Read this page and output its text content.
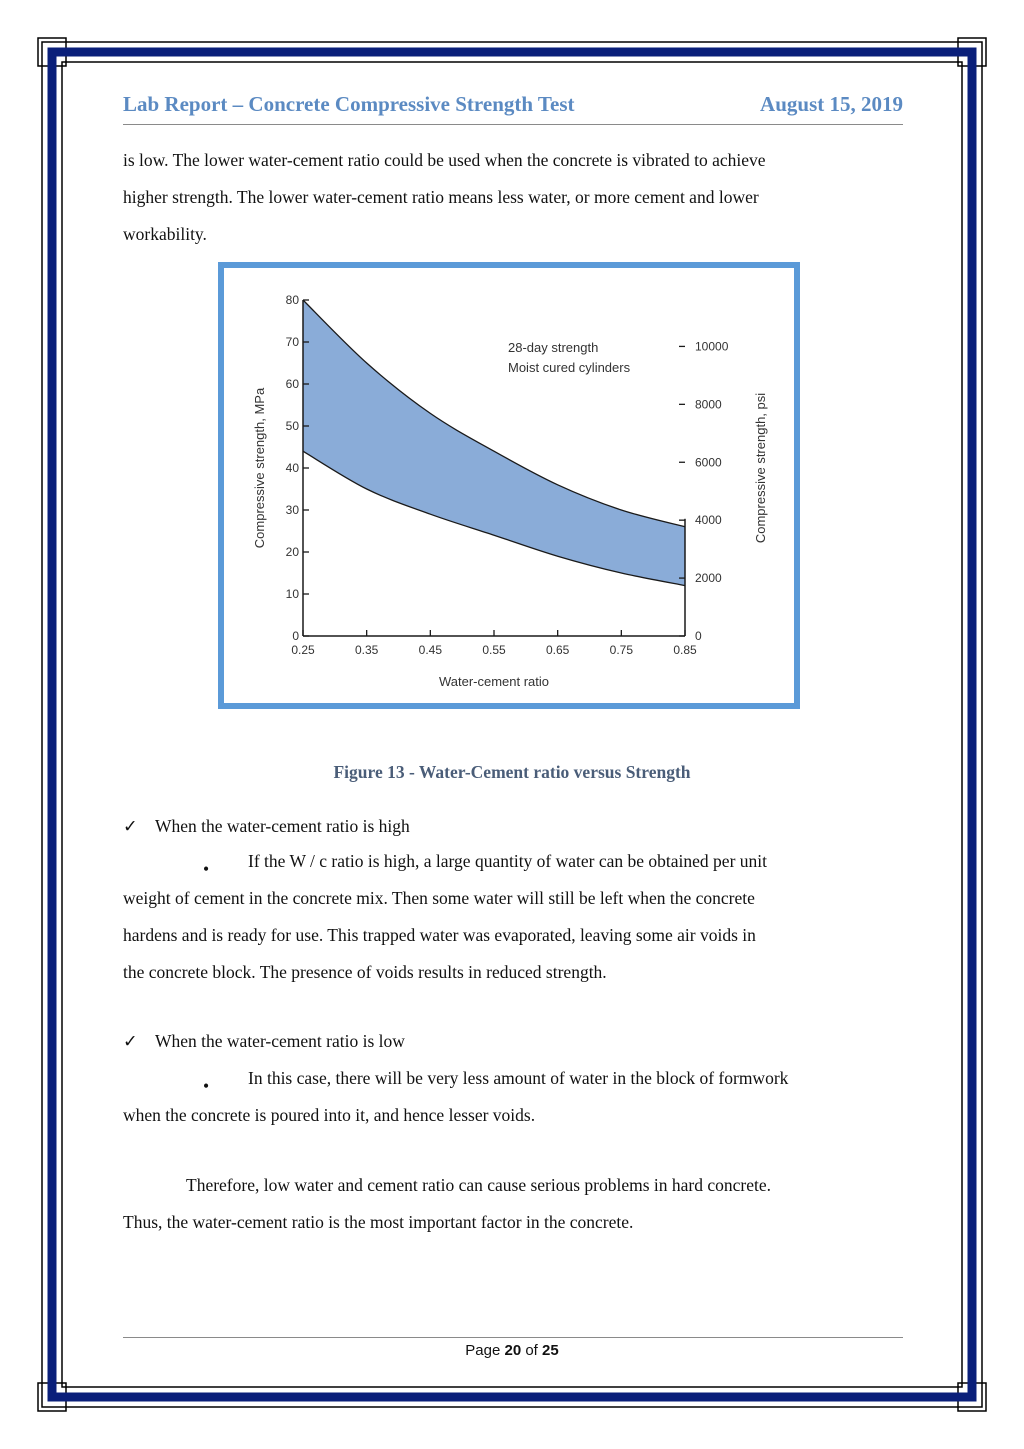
Lab Report – Concrete Compressive Strength Test	August 15, 2019

is low. The lower water-cement ratio could be used when the concrete is vibrated to achieve
higher strength. The lower water-cement ratio means less water, or more cement and lower
workability.

0
10
20
30
40
50
60
70
80
0
2000
4000
6000
8000
10000
0.25	0.35	0.45	0.55	0.65	0.75	0.85
Water-cement ratio
Compressive strength, MPa	Compressive strength, psi
28-day strength
Moist cured cylinders
Figure 13 - Water-Cement ratio versus Strength
✓ When the water-cement ratio is high

• If the W / c ratio is high, a large quantity of water can be obtained per unit
weight of cement in the concrete mix. Then some water will still be left when the concrete
hardens and is ready for use. This trapped water was evaporated, leaving some air voids in
the concrete block. The presence of voids results in reduced strength.

✓ When the water-cement ratio is low

• In this case, there will be very less amount of water in the block of formwork
when the concrete is poured into it, and hence lesser voids.

Therefore, low water and cement ratio can cause serious problems in hard concrete.
Thus, the water-cement ratio is the most important factor in the concrete.

Page 20 of 25
